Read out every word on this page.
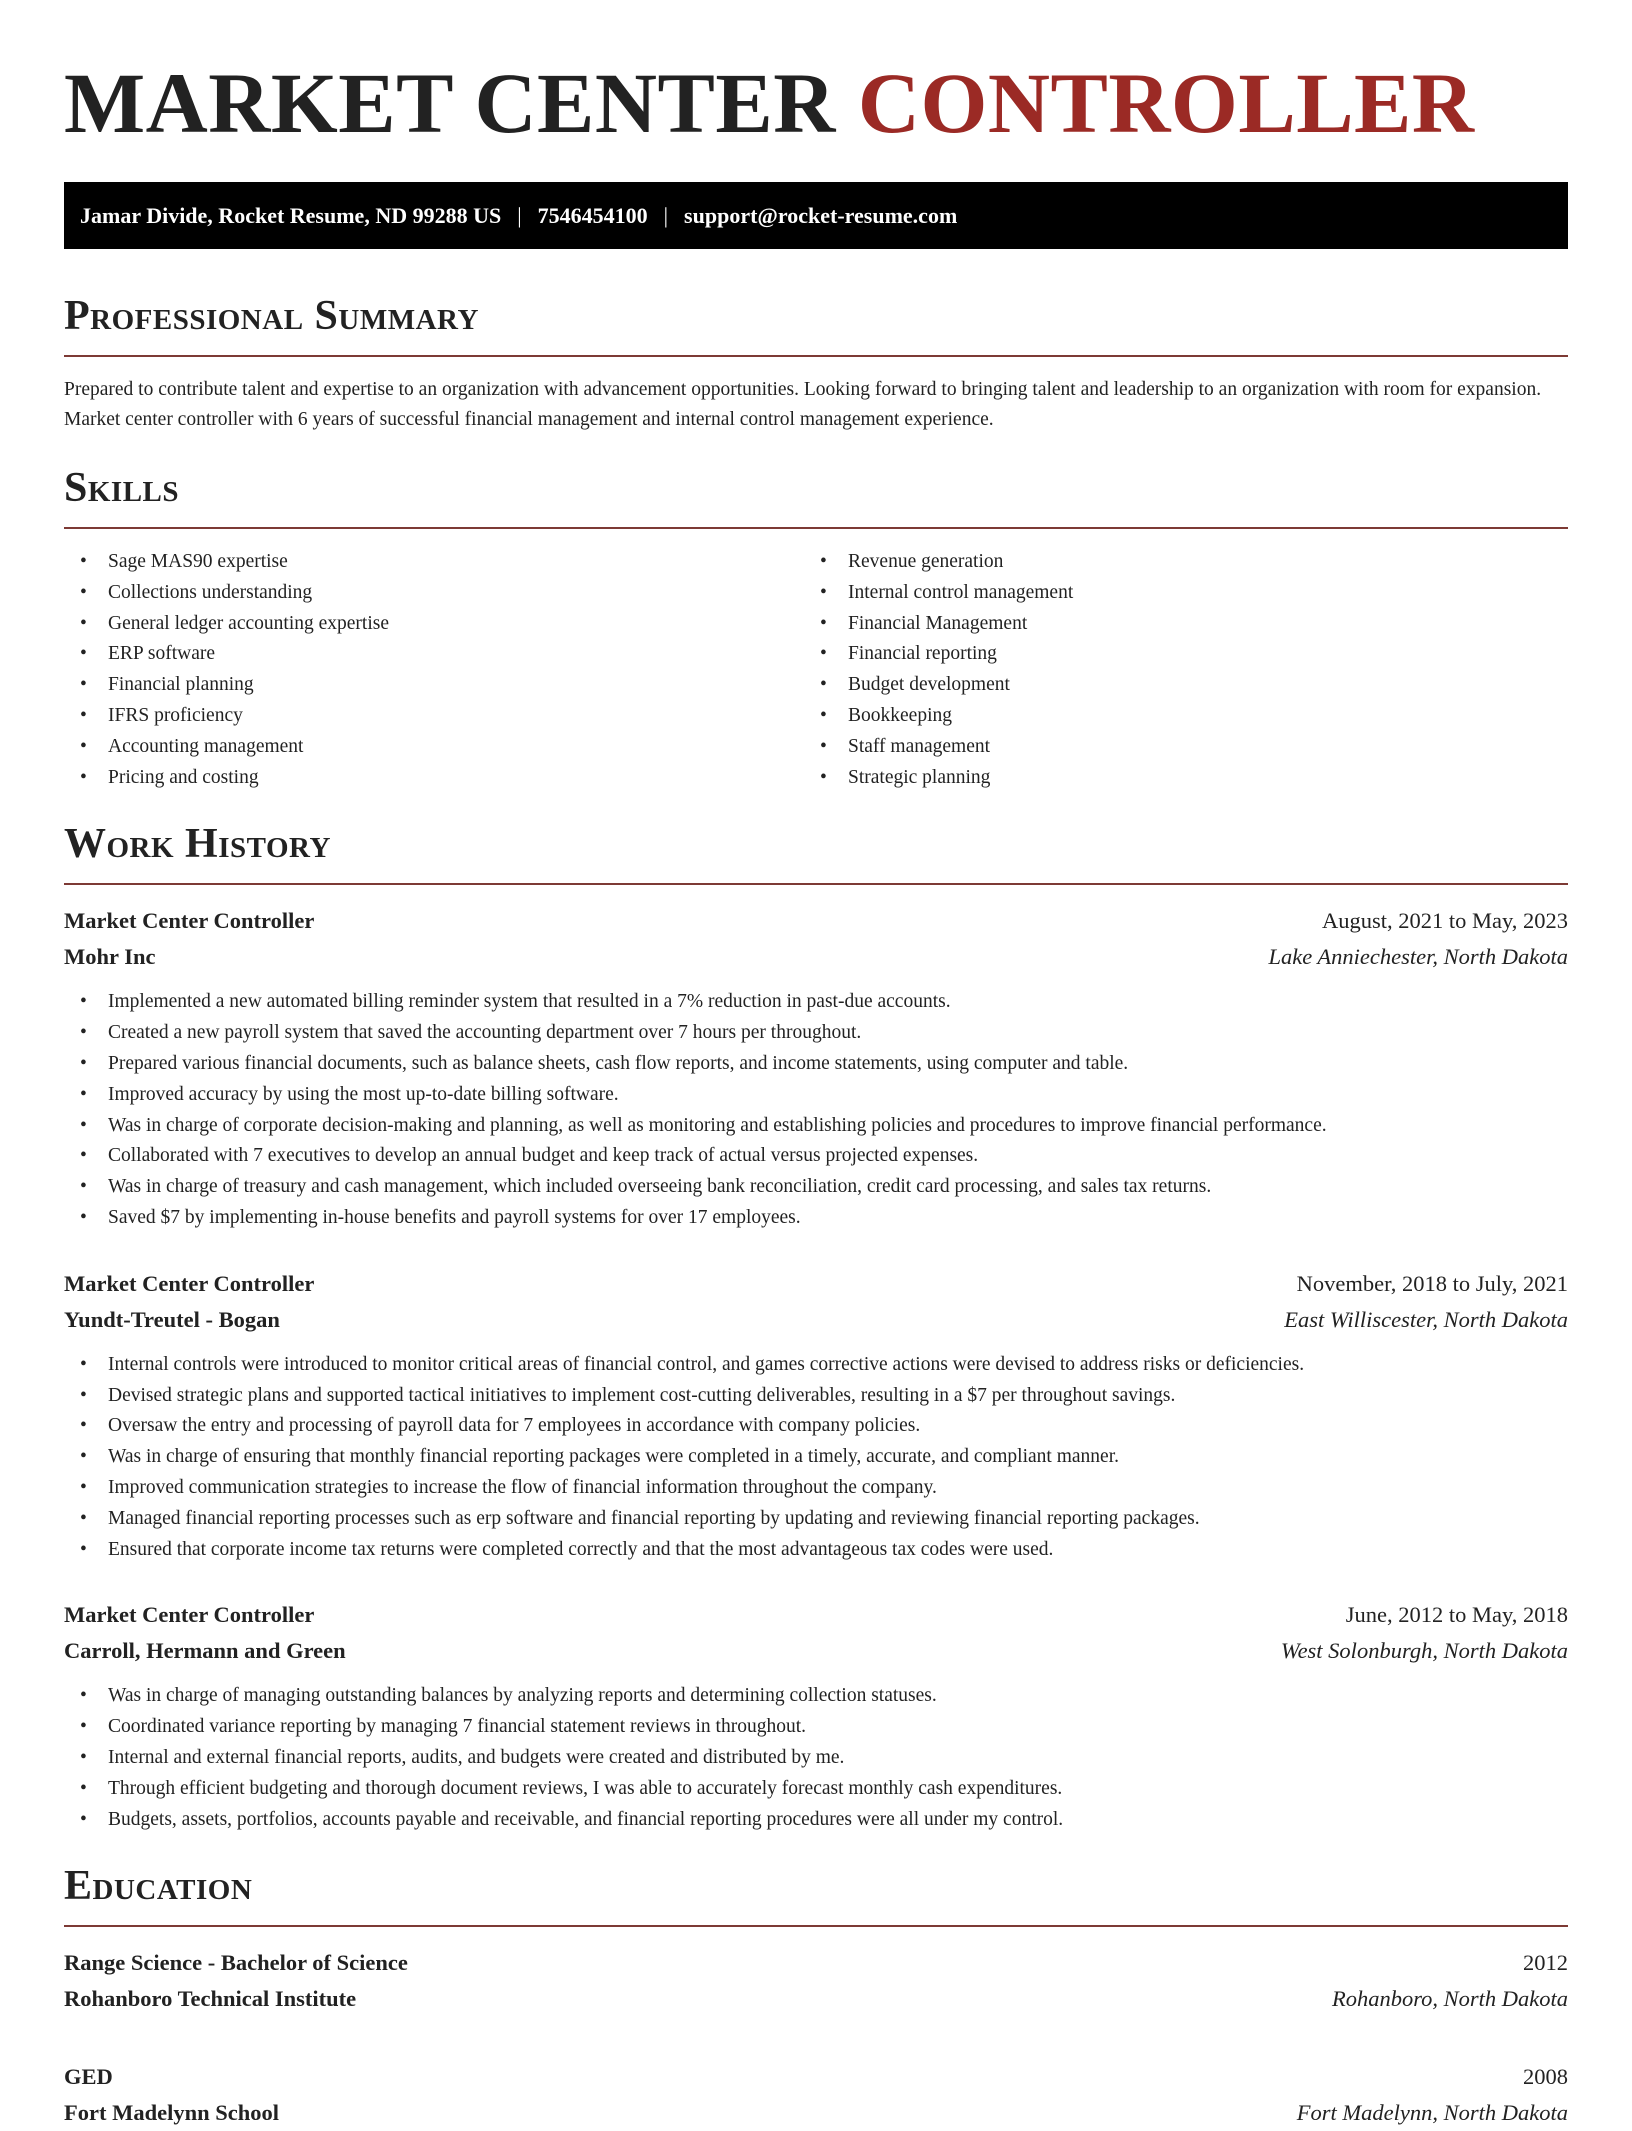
MARKET CENTER CONTROLLER
Jamar Divide, Rocket Resume, ND 99288 US | 7546454100 | support@rocket-resume.com
Professional Summary

Prepared to contribute talent and expertise to an organization with advancement opportunities. Looking forward to bringing talent and leadership to an organization with room for expansion. Market center controller with 6 years of successful financial management and internal control management experience.

Skills
• Sage MAS90 expertise
• Collections understanding
• General ledger accounting expertise
• ERP software
• Financial planning
• IFRS proficiency
• Accounting management
• Pricing and costing
• Revenue generation
• Internal control management
• Financial Management
• Financial reporting
• Budget development
• Bookkeeping
• Staff management
• Strategic planning
Work History
Market Center Controller	August, 2021 to May, 2023
Mohr Inc	Lake Anniechester, North Dakota
• Implemented a new automated billing reminder system that resulted in a 7% reduction in past-due accounts.
• Created a new payroll system that saved the accounting department over 7 hours per throughout.
• Prepared various financial documents, such as balance sheets, cash flow reports, and income statements, using computer and table.
• Improved accuracy by using the most up-to-date billing software.
• Was in charge of corporate decision-making and planning, as well as monitoring and establishing policies and procedures to improve financial performance.
• Collaborated with 7 executives to develop an annual budget and keep track of actual versus projected expenses.
• Was in charge of treasury and cash management, which included overseeing bank reconciliation, credit card processing, and sales tax returns.
• Saved $7 by implementing in-house benefits and payroll systems for over 17 employees.
Market Center Controller	November, 2018 to July, 2021
Yundt-Treutel - Bogan	East Williscester, North Dakota
• Internal controls were introduced to monitor critical areas of financial control, and games corrective actions were devised to address risks or deficiencies.
• Devised strategic plans and supported tactical initiatives to implement cost-cutting deliverables, resulting in a $7 per throughout savings.
• Oversaw the entry and processing of payroll data for 7 employees in accordance with company policies.
• Was in charge of ensuring that monthly financial reporting packages were completed in a timely, accurate, and compliant manner.
• Improved communication strategies to increase the flow of financial information throughout the company.
• Managed financial reporting processes such as erp software and financial reporting by updating and reviewing financial reporting packages.
• Ensured that corporate income tax returns were completed correctly and that the most advantageous tax codes were used.
Market Center Controller	June, 2012 to May, 2018
Carroll, Hermann and Green	West Solonburgh, North Dakota
• Was in charge of managing outstanding balances by analyzing reports and determining collection statuses.
• Coordinated variance reporting by managing 7 financial statement reviews in throughout.
• Internal and external financial reports, audits, and budgets were created and distributed by me.
• Through efficient budgeting and thorough document reviews, I was able to accurately forecast monthly cash expenditures.
• Budgets, assets, portfolios, accounts payable and receivable, and financial reporting procedures were all under my control.
Education
Range Science - Bachelor of Science	2012
Rohanboro Technical Institute	Rohanboro, North Dakota
GED	2008
Fort Madelynn School	Fort Madelynn, North Dakota
